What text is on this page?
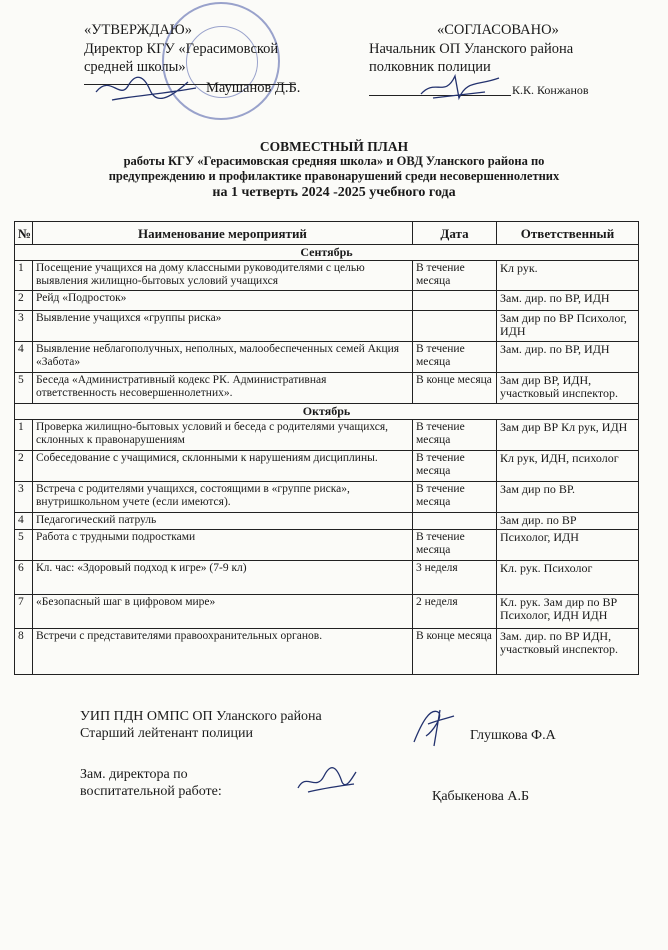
«УТВЕРЖДАЮ»
Директор КГУ «Герасимовской
средней школы»
Маушанов Д.Б.
«СОГЛАСОВАНО»
Начальник ОП Уланского района
полковник полиции
К.К. Конжанов
СОВМЕСТНЫЙ ПЛАН
работы КГУ «Герасимовская средняя школа» и ОВД Уланского района по
предупреждению и профилактике правонарушений среди несовершеннолетних
на 1 четверть 2024 -2025 учебного года
№	Наименование мероприятий	Дата	Ответственный
Сентябрь			
1	Посещение учащихся на дому классными руководителями с целью выявления жилищно-бытовых условий учащихся	В течение месяца	Кл рук.
2	Рейд «Подросток»		Зам. дир. по ВР, ИДН
3	Выявление учащихся «группы риска»		Зам дир по ВР Психолог, ИДН
4	Выявление неблагополучных, неполных, малообеспеченных семей Акция «Забота»	В течение месяца	Зам. дир. по ВР, ИДН
5	Беседа «Административный кодекс РК. Административная ответственность несовершеннолетних».	В конце месяца	Зам дир ВР, ИДН, участковый инспектор.
Октябрь			
1	Проверка жилищно-бытовых условий и беседа с родителями учащихся, склонных к правонарушениям	В течение месяца	Зам дир ВР Кл рук, ИДН
2	Собеседование с учащимися, склонными к нарушениям дисциплины.	В течение месяца	Кл рук, ИДН, психолог
3	Встреча с родителями учащихся, состоящими в «группе риска», внутришкольном учете (если имеются).	В течение месяца	Зам дир по ВР.
4	Педагогический патруль		Зам дир. по ВР
5	Работа с трудными подростками	В течение месяца	Психолог, ИДН
6	Кл. час: «Здоровый подход к игре» (7-9 кл)	3 неделя	Кл. рук. Психолог
7	«Безопасный шаг в цифровом мире»	2 неделя	Кл. рук. Зам дир по ВР Психолог, ИДН ИДН
8	Встречи с представителями правоохранительных органов.	В конце месяца	Зам. дир. по ВР ИДН, участковый инспектор.
УИП ПДН ОМПС ОП Уланского района
Старший лейтенант полиции	Глушкова Ф.А
Зам. директора по
воспитательной работе:	Қабыкенова А.Б
